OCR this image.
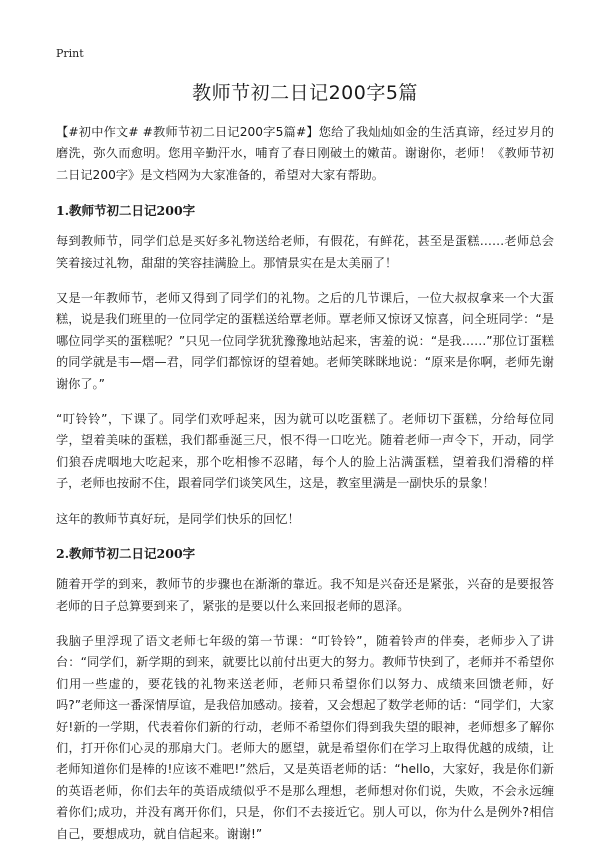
Print
教师节初二日记200字5篇

【#初中作文# #教师节初二日记200字5篇#】您给了我灿灿如金的生活真谛，经过岁月的磨洗，弥久而愈明。您用辛勤汗水，哺育了春日刚破土的嫩苗。谢谢你，老师！《教师节初二日记200字》是文档网为大家准备的，希望对大家有帮助。

1.教师节初二日记200字

每到教师节，同学们总是买好多礼物送给老师，有假花，有鲜花，甚至是蛋糕……老师总会笑着接过礼物，甜甜的笑容挂满脸上。那情景实在是太美丽了！

又是一年教师节，老师又得到了同学们的礼物。之后的几节课后，一位大叔叔拿来一个大蛋糕，说是我们班里的一位同学定的蛋糕送给覃老师。覃老师又惊讶又惊喜，问全班同学：“是哪位同学买的蛋糕呢？”只见一位同学犹犹豫豫地站起来，害羞的说：“是我……”那位订蛋糕的同学就是韦—熠—君，同学们都惊讶的望着她。老师笑眯眯地说：“原来是你啊，老师先谢谢你了。”

“叮铃铃”，下课了。同学们欢呼起来，因为就可以吃蛋糕了。老师切下蛋糕，分给每位同学，望着美味的蛋糕，我们都垂涎三尺，恨不得一口吃光。随着老师一声令下，开动，同学们狼吞虎咽地大吃起来，那个吃相惨不忍睹，每个人的脸上沾满蛋糕，望着我们滑稽的样子，老师也按耐不住，跟着同学们谈笑风生，这是，教室里满是一副快乐的景象！

这年的教师节真好玩，是同学们快乐的回忆！

2.教师节初二日记200字

随着开学的到来，教师节的步骤也在渐渐的靠近。我不知是兴奋还是紧张，兴奋的是要报答老师的日子总算要到来了，紧张的是要以什么来回报老师的恩泽。

我脑子里浮现了语文老师七年级的第一节课：“叮铃铃”，随着铃声的伴奏，老师步入了讲台：“同学们，新学期的到来，就要比以前付出更大的努力。教师节快到了，老师并不希望你们用一些虚的，要花钱的礼物来送老师，老师只希望你们以努力、成绩来回馈老师，好吗?”老师这一番深情厚谊，是我倍加感动。接着，又会想起了数学老师的话：“同学们，大家好!新的一学期，代表着你们新的行动，老师不希望你们得到我失望的眼神，老师想多了解你们，打开你们心灵的那扇大门。老师大的愿望，就是希望你们在学习上取得优越的成绩，让老师知道你们是棒的!应该不难吧!”然后，又是英语老师的话：“hello，大家好，我是你们新的英语老师，你们去年的英语成绩似乎不是那么理想，老师想对你们说，失败，不会永远缠着你们;成功，并没有离开你们，只是，你们不去接近它。别人可以，你为什么是例外?相信自己，要想成功，就自信起来。谢谢!”
